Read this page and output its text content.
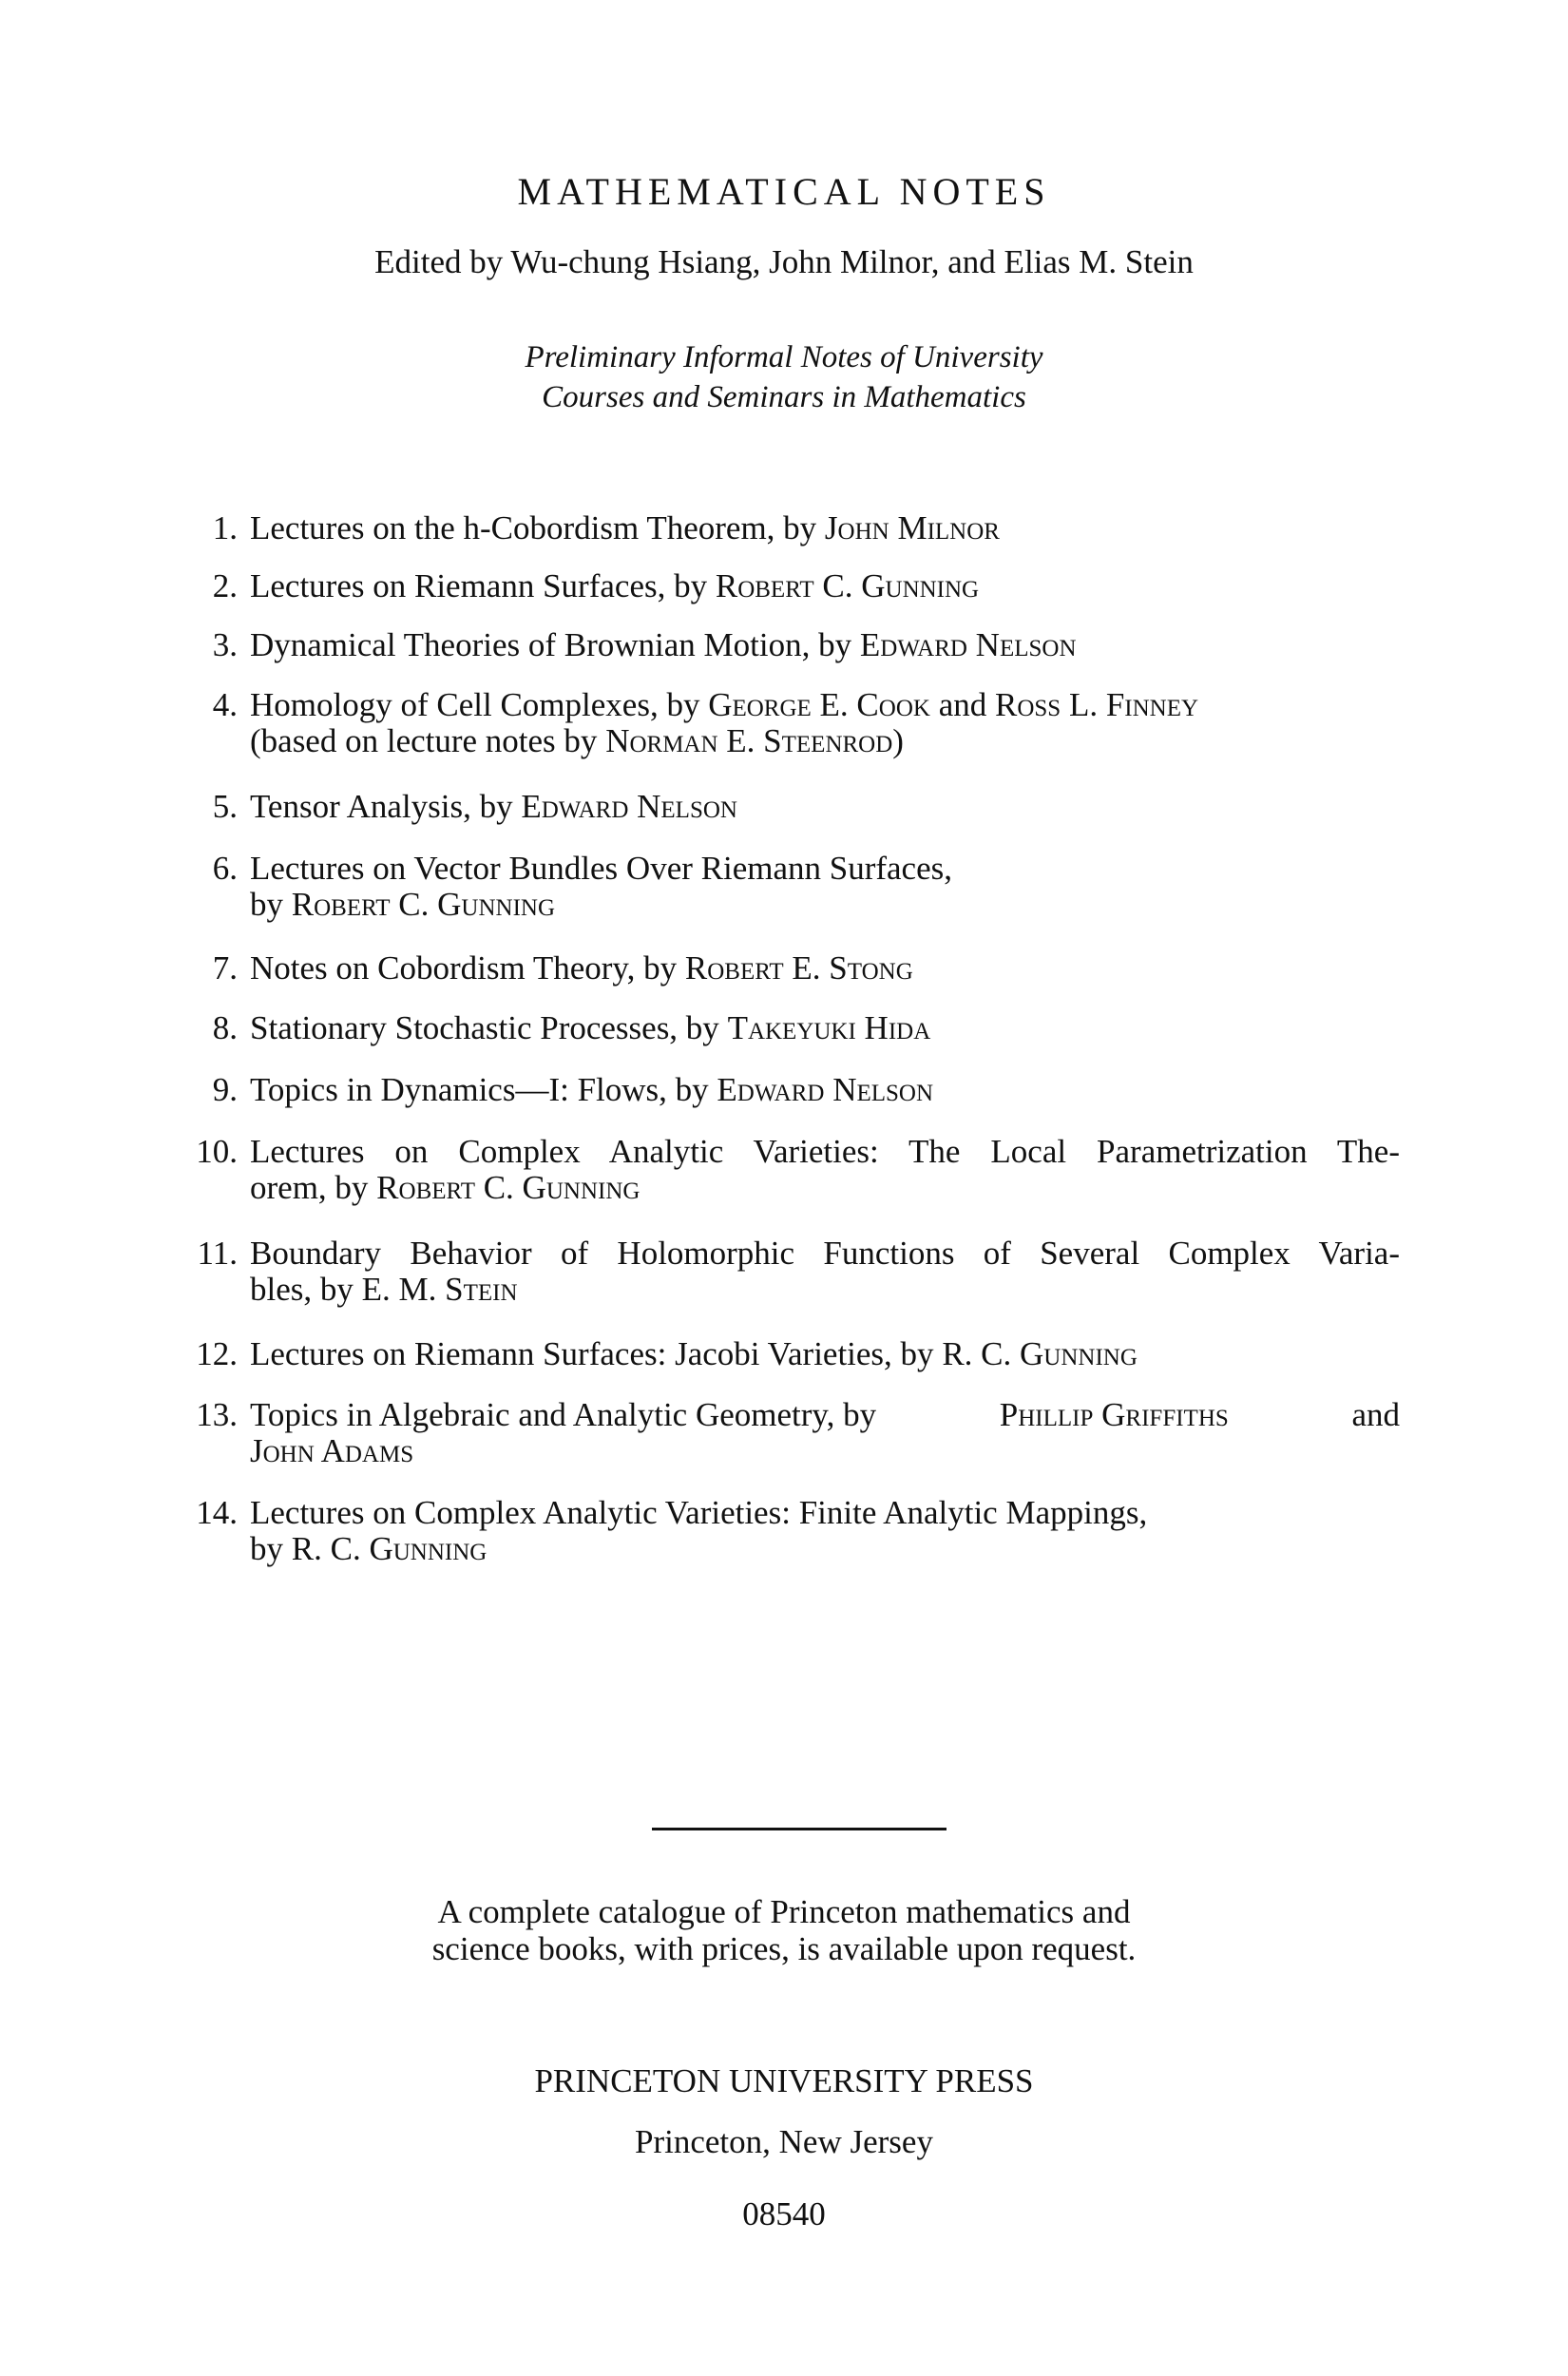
MATHEMATICAL NOTES
Edited by Wu-chung Hsiang, John Milnor, and Elias M. Stein
Preliminary Informal Notes of University
Courses and Seminars in Mathematics
1. Lectures on the h-Cobordism Theorem, by John Milnor
2. Lectures on Riemann Surfaces, by Robert C. Gunning
3. Dynamical Theories of Brownian Motion, by Edward Nelson
4. Homology of Cell Complexes, by George E. Cook and Ross L. Finney
(based on lecture notes by Norman E. Steenrod)
5. Tensor Analysis, by Edward Nelson
6. Lectures on Vector Bundles Over Riemann Surfaces,
by Robert C. Gunning
7. Notes on Cobordism Theory, by Robert E. Stong
8. Stationary Stochastic Processes, by Takeyuki Hida
9. Topics in Dynamics—I: Flows, by Edward Nelson
10. Lectures on Complex Analytic Varieties: The Local Parametrization The-
orem, by Robert C. Gunning
11. Boundary Behavior of Holomorphic Functions of Several Complex Varia-
bles, by E. M. Stein
12. Lectures on Riemann Surfaces: Jacobi Varieties, by R. C. Gunning
13. Topics in Algebraic and Analytic Geometry, by	Phillip Griffiths	and
John Adams
14. Lectures on Complex Analytic Varieties: Finite Analytic Mappings,
by R. C. Gunning
A complete catalogue of Princeton mathematics and
science books, with prices, is available upon request.
PRINCETON UNIVERSITY PRESS
Princeton, New Jersey
08540
